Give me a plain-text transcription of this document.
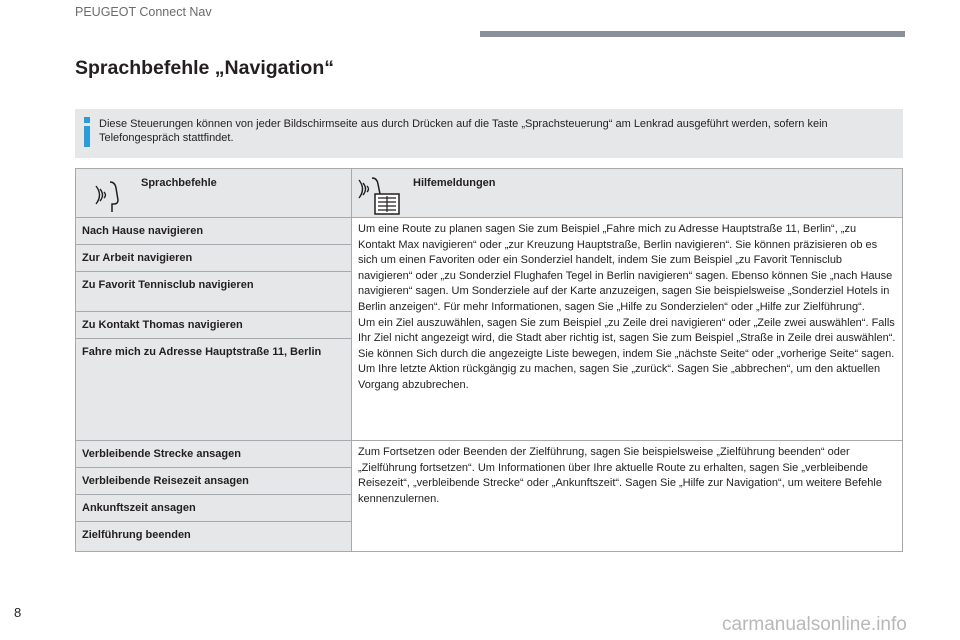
PEUGEOT Connect Nav
Sprachbefehle „Navigation“
Diese Steuerungen können von jeder Bildschirmseite aus durch Drücken auf die Taste „Sprachsteuerung“ am Lenkrad ausgeführt werden, sofern kein Telefongespräch stattfindet.
Sprachbefehle	Hilfemeldungen

Nach Hause navigieren	Um eine Route zu planen sagen Sie zum Beispiel „Fahre mich zu Adresse Hauptstraße 11, Berlin“, „zu Kontakt Max navigieren“ oder „zur Kreuzung Hauptstraße, Berlin navigieren“. Sie können präzisieren ob es sich um einen Favoriten oder ein Sonderziel handelt, indem Sie zum Beispiel „zu Favorit Tennisclub navigieren“ oder „zu Sonderziel Flughafen Tegel in Berlin navigieren“ sagen. Ebenso können Sie „nach Hause navigieren“ sagen. Um Sonderziele auf der Karte anzuzeigen, sagen Sie beispielsweise „Sonderziel Hotels in Berlin anzeigen“. Für mehr Informationen, sagen Sie „Hilfe zu Sonderzielen“ oder „Hilfe zur Zielführung“.
Um ein Ziel auszuwählen, sagen Sie zum Beispiel „zu Zeile drei navigieren“ oder „Zeile zwei auswählen“. Falls Ihr Ziel nicht angezeigt wird, die Stadt aber richtig ist, sagen Sie zum Beispiel „Straße in Zeile drei auswählen“. Sie können Sich durch die angezeigte Liste bewegen, indem Sie „nächste Seite“ oder „vorherige Seite“ sagen. Um Ihre letzte Aktion rückgängig zu machen, sagen Sie „zurück“. Sagen Sie „abbrechen“, um den aktuellen Vorgang abzubrechen.

Zur Arbeit navigieren	
Zu Favorit Tennisclub navigieren	
Zu Kontakt Thomas navigieren	
Fahre mich zu Adresse Hauptstraße 11, Berlin	
Verbleibende Strecke ansagen	Zum Fortsetzen oder Beenden der Zielführung, sagen Sie beispielsweise „Zielführung beenden“ oder „Zielführung fortsetzen“. Um Informationen über Ihre aktuelle Route zu erhalten, sagen Sie „verbleibende Reisezeit“, „verbleibende Strecke“ oder „Ankunftszeit“. Sagen Sie „Hilfe zur Navigation“, um weitere Befehle kennenzulernen.

Verbleibende Reisezeit ansagen	
Ankunftszeit ansagen	
Zielführung beenden	
8
carmanualsonline.info
